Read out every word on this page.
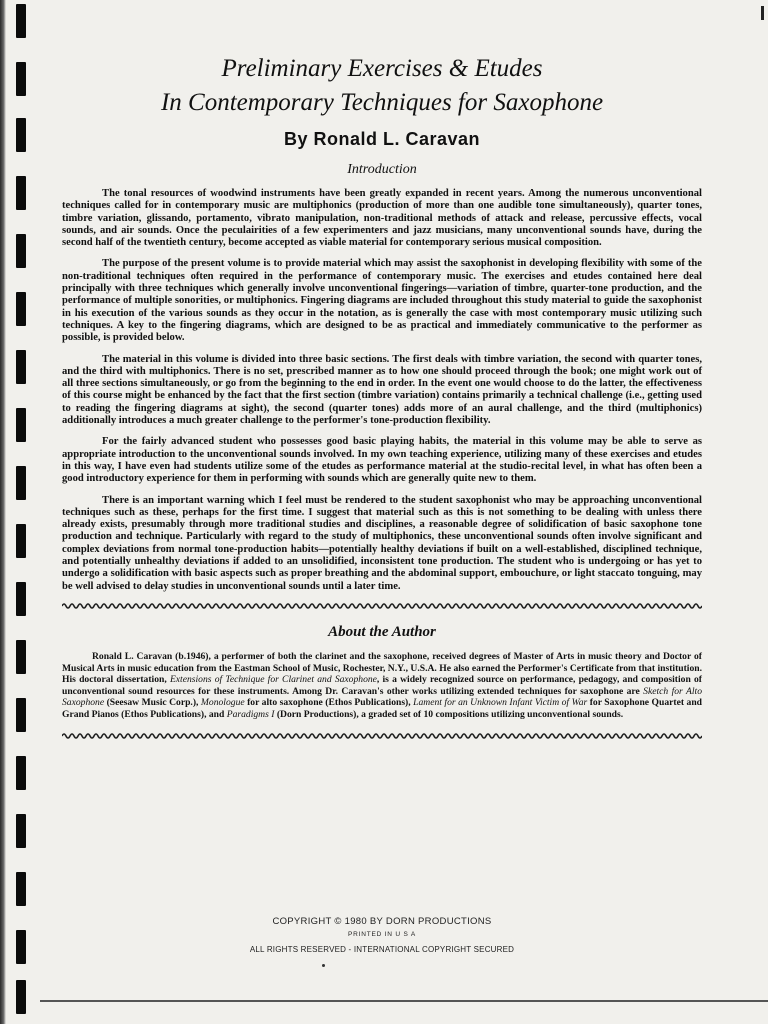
Preliminary Exercises & Etudes
In Contemporary Techniques for Saxophone
By Ronald L. Caravan
Introduction

The tonal resources of woodwind instruments have been greatly expanded in recent years. Among the numerous unconventional techniques called for in contemporary music are multiphonics (production of more than one audible tone simultaneously), quarter tones, timbre variation, glissando, portamento, vibrato manipulation, non-traditional methods of attack and release, percussive effects, vocal sounds, and air sounds. Once the peculairities of a few experimenters and jazz musicians, many unconventional sounds have, during the second half of the twentieth century, become accepted as viable material for contemporary serious musical composition.

The purpose of the present volume is to provide material which may assist the saxophonist in developing flexibility with some of the non-traditional techniques often required in the performance of contemporary music. The exercises and etudes contained here deal principally with three techniques which generally involve unconventional fingerings—variation of timbre, quarter-tone production, and the performance of multiple sonorities, or multiphonics. Fingering diagrams are included throughout this study material to guide the saxophonist in his execution of the various sounds as they occur in the notation, as is generally the case with most contemporary music utilizing such techniques. A key to the fingering diagrams, which are designed to be as practical and immediately communicative to the performer as possible, is provided below.

The material in this volume is divided into three basic sections. The first deals with timbre variation, the second with quarter tones, and the third with multiphonics. There is no set, prescribed manner as to how one should proceed through the book; one might work out of all three sections simultaneously, or go from the beginning to the end in order. In the event one would choose to do the latter, the effectiveness of this course might be enhanced by the fact that the first section (timbre variation) contains primarily a technical challenge (i.e., getting used to reading the fingering diagrams at sight), the second (quarter tones) adds more of an aural challenge, and the third (multiphonics) additionally introduces a much greater challenge to the performer's tone-production flexibility.

For the fairly advanced student who possesses good basic playing habits, the material in this volume may be able to serve as appropriate introduction to the unconventional sounds involved. In my own teaching experience, utilizing many of these exercises and etudes in this way, I have even had students utilize some of the etudes as performance material at the studio-recital level, in what has often been a good introductory experience for them in performing with sounds which are generally quite new to them.

There is an important warning which I feel must be rendered to the student saxophonist who may be approaching unconventional techniques such as these, perhaps for the first time. I suggest that material such as this is not something to be dealing with unless there already exists, presumably through more traditional studies and disciplines, a reasonable degree of solidification of basic saxophone tone production and technique. Particularly with regard to the study of multiphonics, these unconventional sounds often involve significant and complex deviations from normal tone-production habits—potentially healthy deviations if built on a well-established, disciplined technique, and potentially unhealthy deviations if added to an unsolidified, inconsistent tone production. The student who is undergoing or has yet to undergo a solidification with basic aspects such as proper breathing and the abdominal support, embouchure, or light staccato tonguing, may be well advised to delay studies in unconventional sounds until a later time.

About the Author

Ronald L. Caravan (b.1946), a performer of both the clarinet and the saxophone, received degrees of Master of Arts in music theory and Doctor of Musical Arts in music education from the Eastman School of Music, Rochester, N.Y., U.S.A. He also earned the Performer's Certificate from that institution. His doctoral dissertation, Extensions of Technique for Clarinet and Saxophone, is a widely recognized source on performance, pedagogy, and composition of unconventional sound resources for these instruments. Among Dr. Caravan's other works utilizing extended techniques for saxophone are Sketch for Alto Saxophone (Seesaw Music Corp.), Monologue for alto saxophone (Ethos Publications), Lament for an Unknown Infant Victim of War for Saxophone Quartet and Grand Pianos (Ethos Publications), and Paradigms I (Dorn Productions), a graded set of 10 compositions utilizing unconventional sounds.

COPYRIGHT © 1980 BY DORN PRODUCTIONS
PRINTED IN U S A
ALL RIGHTS RESERVED - INTERNATIONAL COPYRIGHT SECURED
